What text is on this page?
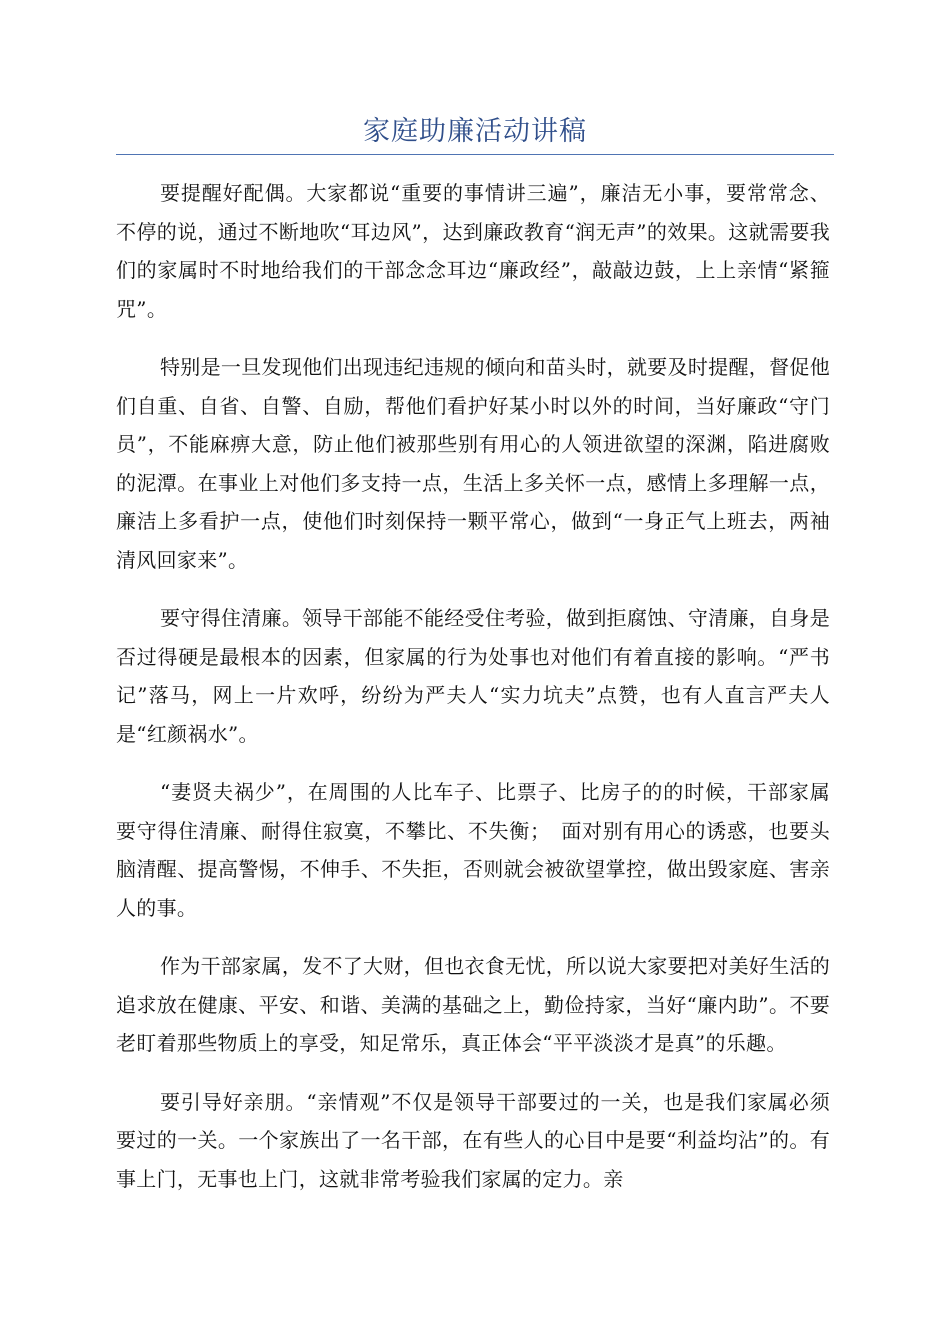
家庭助廉活动讲稿

要提醒好配偶。大家都说“重要的事情讲三遍”，廉洁无小事，要常常念、不停的说，通过不断地吹“耳边风”，达到廉政教育“润无声”的效果。这就需要我们的家属时不时地给我们的干部念念耳边“廉政经”，敲敲边鼓，上上亲情“紧箍咒”。

特别是一旦发现他们出现违纪违规的倾向和苗头时，就要及时提醒，督促他们自重、自省、自警、自励，帮他们看护好某小时以外的时间，当好廉政“守门员”，不能麻痹大意，防止他们被那些别有用心的人领进欲望的深渊，陷进腐败的泥潭。在事业上对他们多支持一点，生活上多关怀一点，感情上多理解一点，廉洁上多看护一点，使他们时刻保持一颗平常心，做到“一身正气上班去，两袖清风回家来”。

要守得住清廉。领导干部能不能经受住考验，做到拒腐蚀、守清廉，自身是否过得硬是最根本的因素，但家属的行为处事也对他们有着直接的影响。“严书记”落马，网上一片欢呼，纷纷为严夫人“实力坑夫”点赞，也有人直言严夫人是“红颜祸水”。

“妻贤夫祸少”，在周围的人比车子、比票子、比房子的的时候，干部家属要守得住清廉、耐得住寂寞，不攀比、不失衡；　面对别有用心的诱惑，也要头脑清醒、提高警惕，不伸手、不失拒，否则就会被欲望掌控，做出毁家庭、害亲人的事。

作为干部家属，发不了大财，但也衣食无忧，所以说大家要把对美好生活的追求放在健康、平安、和谐、美满的基础之上，勤俭持家，当好“廉内助”。不要老盯着那些物质上的享受，知足常乐，真正体会“平平淡淡才是真”的乐趣。

要引导好亲朋。“亲情观”不仅是领导干部要过的一关，也是我们家属必须要过的一关。一个家族出了一名干部，在有些人的心目中是要“利益均沾”的。有事上门，无事也上门，这就非常考验我们家属的定力。亲
